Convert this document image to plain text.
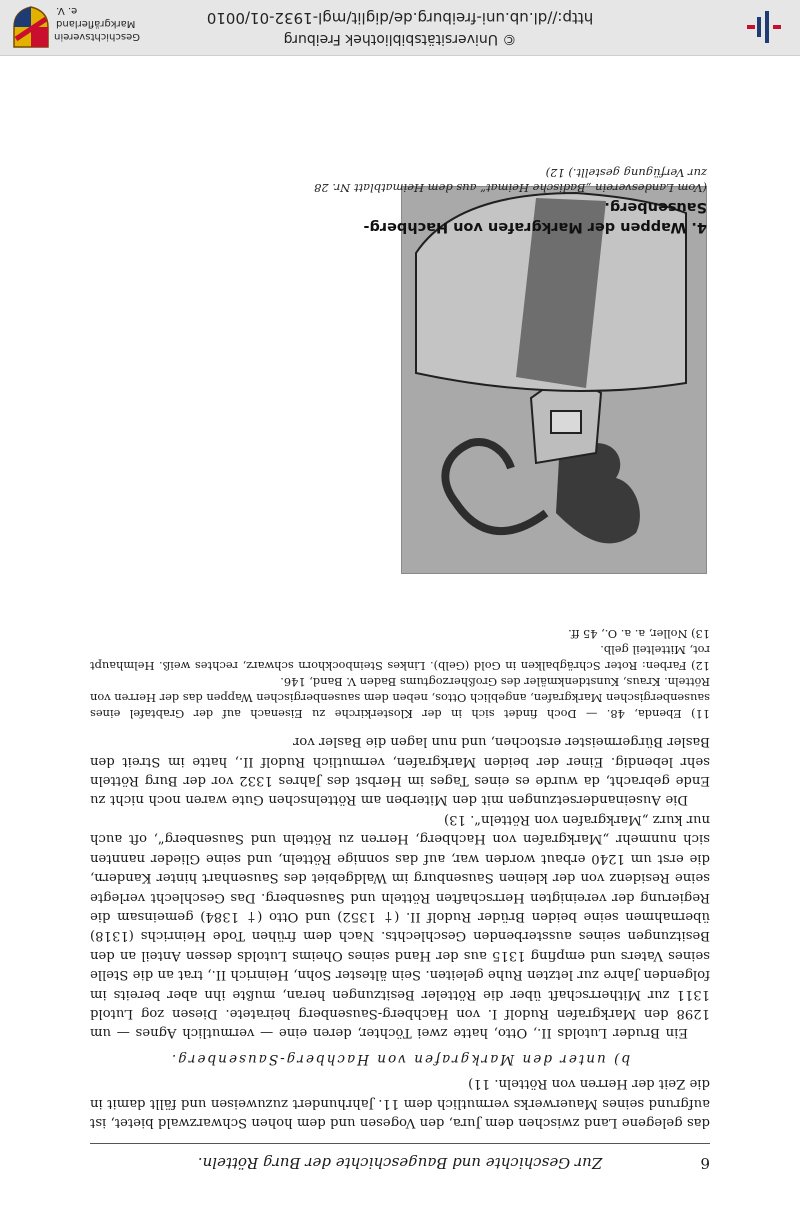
© Universitätsbibliothek Freiburg
http://dl.ub.uni-freiburg.de/diglit/mgl-1932-01/0010
Geschichtsverein
Markgräflerland e. V.
6
Zur Geschichte und Baugeschichte der Burg Rötteln.

das gelegene Land zwischen dem Jura, den Vogesen und dem hohen Schwarzwald bietet, ist aufgrund seines Mauerwerks vermutlich dem 11. Jahrhundert zuzuweisen und fällt damit in die Zeit der Herren von Rötteln. 11)

b) unter den Markgrafen von Hachberg-Sausenberg.

Ein Bruder Lutolds II., Otto, hatte zwei Töchter, deren eine — vermutlich Agnes — um 1298 den Markgrafen Rudolf I. von Hachberg-Sausenberg heiratete. Diesen zog Lutold 1311 zur Mitherrschaft über die Rötteler Besitzungen heran, mußte ihn aber bereits im folgenden Jahre zur letzten Ruhe geleiten. Sein ältester Sohn, Heinrich II., trat an die Stelle seines Vaters und empfing 1315 aus der Hand seines Oheims Lutolds dessen Anteil an den Besitzungen seines aussterbenden Geschlechts. Nach dem frühen Tode Heinrichs (1318) übernahmen seine beiden Brüder Rudolf II. († 1352) und Otto († 1384) gemeinsam die Regierung der vereinigten Herrschaften Rötteln und Sausenberg. Das Geschlecht verlegte seine Residenz von der kleinen Sausenburg im Waldgebiet des Sausenhart hinter Kandern, die erst um 1240 erbaut worden war, auf das sonnige Rötteln, und seine Glieder nannten sich nunmehr „Markgrafen von Hachberg, Herren zu Rötteln und Sausenberg“, oft auch nur kurz „Markgrafen von Rötteln“. 13)

Die Auseinandersetzungen mit den Miterben am Röttelnschen Gute waren noch nicht zu Ende gebracht, da wurde es eines Tages im Herbst des Jahres 1332 vor der Burg Rötteln sehr lebendig. Einer der beiden Markgrafen, vermutlich Rudolf II., hatte im Streit den Basler Bürgermeister erstochen, und nun lagen die Basler vor

11) Ebenda, 48. — Doch findet sich in der Klosterkirche zu Eisenach auf der Grabtafel eines sausenbergischen Markgrafen, angeblich Ottos, neben dem sausenbergischen Wappen das der Herren von Rötteln. Kraus, Kunstdenkmäler des Großherzogtums Baden V. Band, 146.

12) Farben: Roter Schrägbalken in Gold (Gelb). Linkes Steinbockhorn schwarz, rechtes weiß. Helmhaupt rot, Mittelteil gelb.

13) Noller, a. a. O., 45 ff.

4. Wappen der Markgrafen von Hachberg-Sausenberg.
(Vom Landesverein „Badische Heimat“ aus dem Heimatblatt Nr. 28
zur Verfügung gestellt.) 12)
